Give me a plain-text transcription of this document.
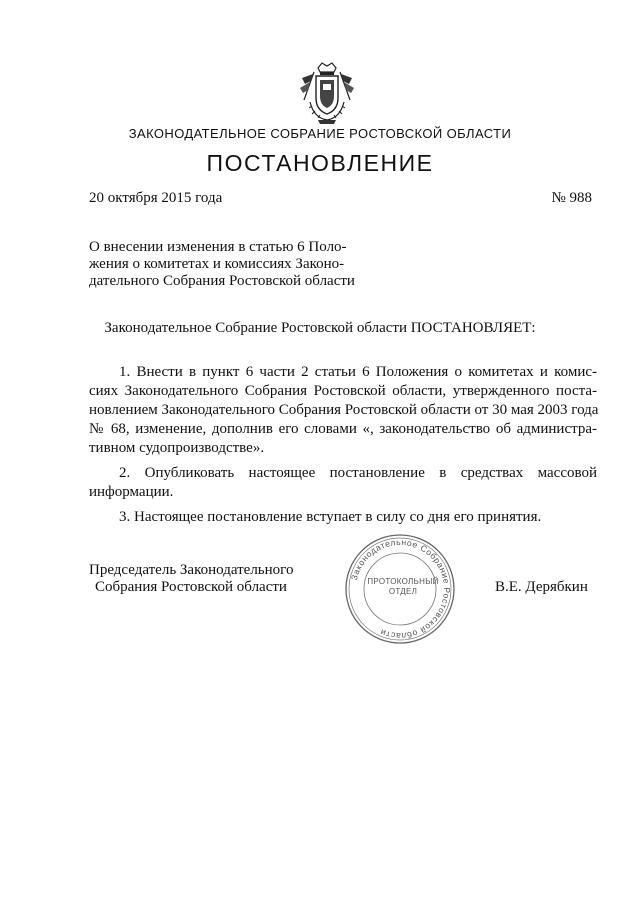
ЗАКОНОДАТЕЛЬНОЕ СОБРАНИЕ РОСТОВСКОЙ ОБЛАСТИ
ПОСТАНОВЛЕНИЕ
20 октября 2015 года	№ 988
О внесении изменения в статью 6 Поло-
жения о комитетах и комиссиях Законо-
дательного Собрания Ростовской области
Законодательное Собрание Ростовской области ПОСТАНОВЛЯЕТ:
1. Внести в пункт 6 части 2 статьи 6 Положения о комитетах и комис-
сиях Законодательного Собрания Ростовской области, утвержденного поста-
новлением Законодательного Собрания Ростовской области от 30 мая 2003 года
№ 68, изменение, дополнив его словами «, законодательство об администра-
тивном судопроизводстве».
2. Опубликовать настоящее постановление в средствах массовой
информации.
3. Настоящее постановление вступает в силу со дня его принятия.
Председатель Законодательного
Собрания Ростовской области
Законодательное Собрание Ростовской области
ПРОТОКОЛЬНЫЙ
ОТДЕЛ	В.Е. Дерябкин
